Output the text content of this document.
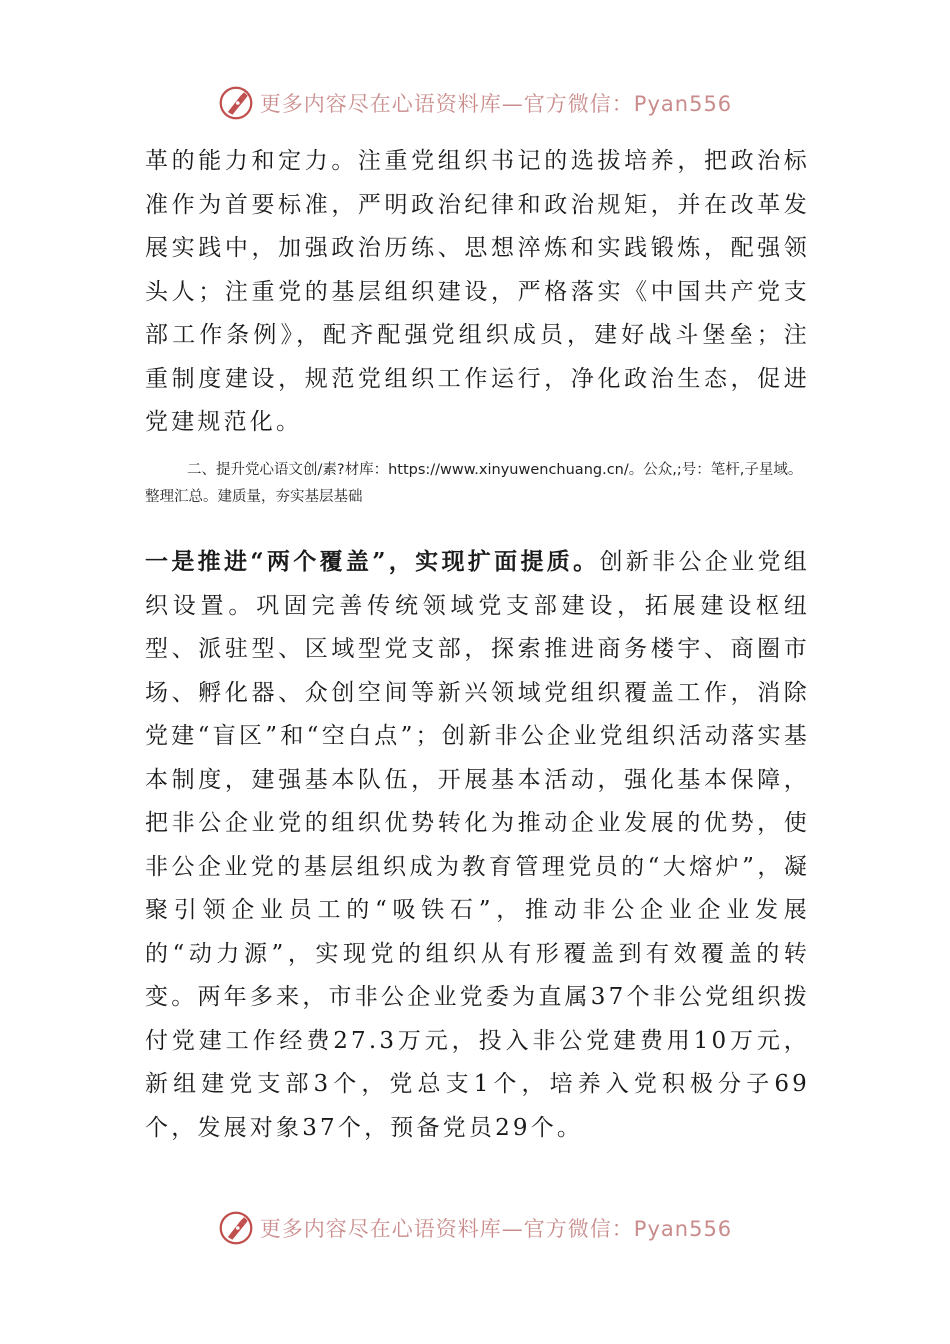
更多内容尽在心语资料库—官方微信：Pyan556

革的能力和定力。注重党组织书记的选拔培养，把政治标准作为首要标准，严明政治纪律和政治规矩，并在改革发展实践中，加强政治历练、思想淬炼和实践锻炼，配强领头人；注重党的基层组织建设，严格落实《中国共产党支部工作条例》，配齐配强党组织成员，建好战斗堡垒；注重制度建设，规范党组织工作运行，净化政治生态，促进党建规范化。

二、提升党心语文创/素?材库：https://www.xinyuwenchuang.cn/。公众,;号：笔杆,子星域。整理汇总。建质量，夯实基层基础

一是推进“两个覆盖”，实现扩面提质。创新非公企业党组织设置。巩固完善传统领域党支部建设，拓展建设枢纽型、派驻型、区域型党支部，探索推进商务楼宇、商圈市场、孵化器、众创空间等新兴领域党组织覆盖工作，消除党建“盲区”和“空白点”；创新非公企业党组织活动落实基本制度，建强基本队伍，开展基本活动，强化基本保障，把非公企业党的组织优势转化为推动企业发展的优势，使非公企业党的基层组织成为教育管理党员的“大熔炉”，凝聚引领企业员工的“吸铁石”，推动非公企业企业发展的“动力源”，实现党的组织从有形覆盖到有效覆盖的转变。两年多来，市非公企业党委为直属37个非公党组织拨付党建工作经费27.3万元，投入非公党建费用10万元，新组建党支部3个，党总支1个，培养入党积极分子69个，发展对象37个，预备党员29个。

更多内容尽在心语资料库—官方微信：Pyan556
